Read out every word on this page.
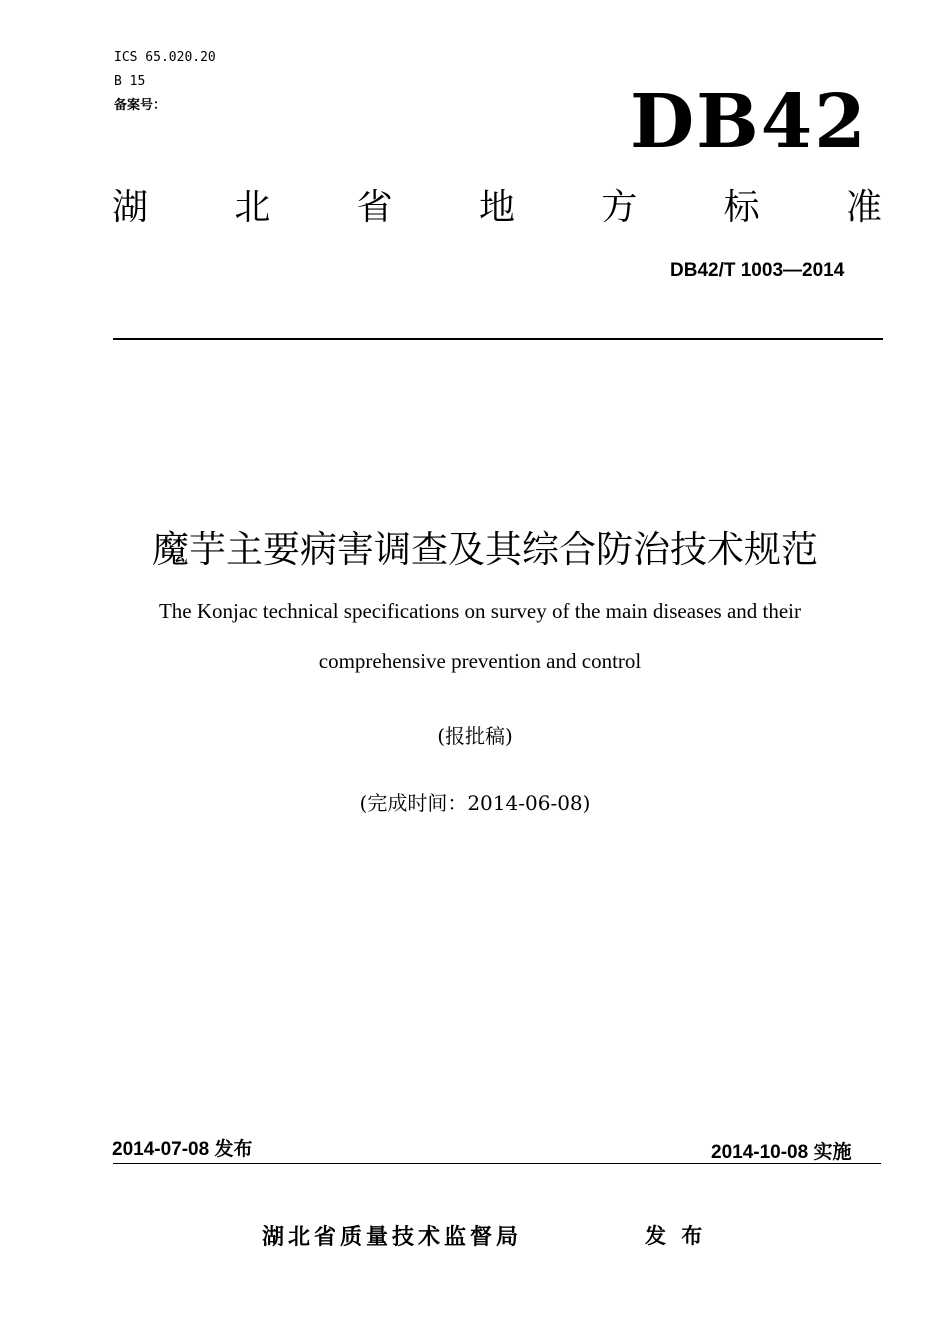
ICS 65.020.20
B 15
备案号：	DB42
湖 北 省 地 方 标 准
DB42/T 1003—2014
魔芋主要病害调查及其综合防治技术规范
The Konjac technical specifications on survey of the main diseases and their
comprehensive prevention and control
(报批稿)
(完成时间：2014-06-08)
2014-07-08 发布	2014-10-08 实施
湖北省质量技术监督局	发 布
